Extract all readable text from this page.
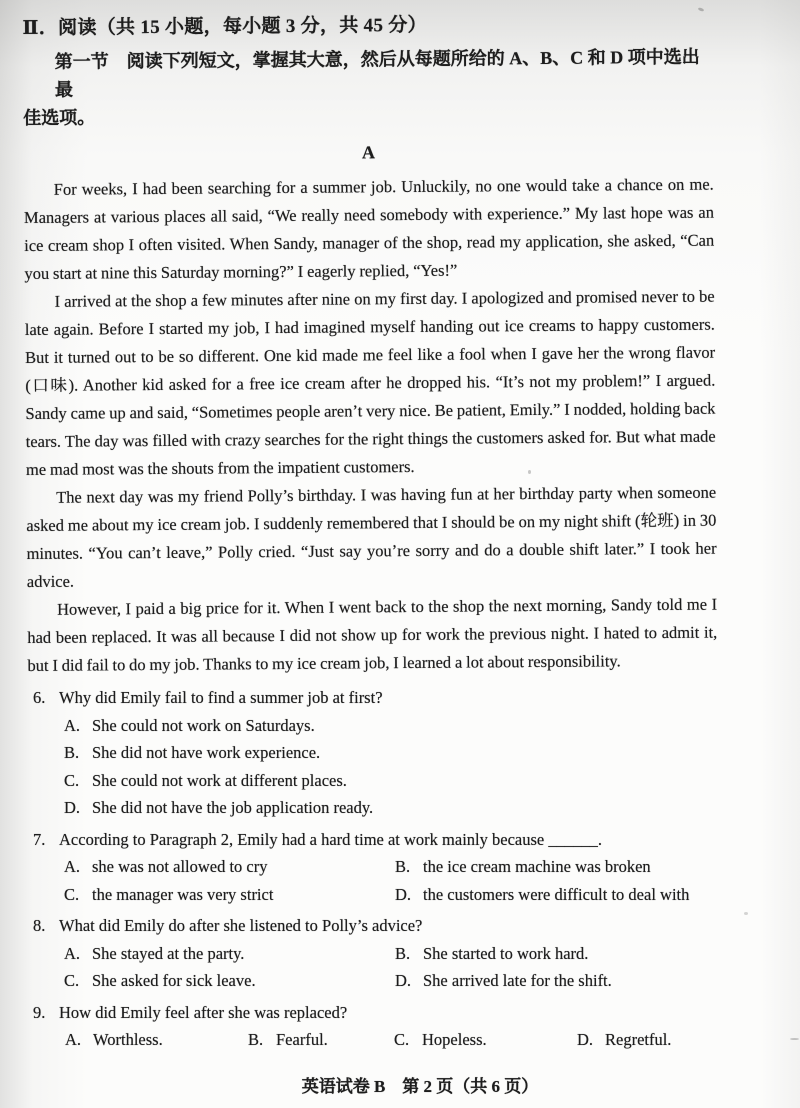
Ⅱ．阅读（共 15 小题，每小题 3 分，共 45 分）
第一节　阅读下列短文，掌握其大意，然后从每题所给的 A、B、C 和 D 项中选出最
佳选项。
A

For weeks, I had been searching for a summer job. Unluckily, no one would take a chance on me. Managers at various places all said, “We really need somebody with experience.” My last hope was an ice cream shop I often visited. When Sandy, manager of the shop, read my application, she asked, “Can you start at nine this Saturday morning?” I eagerly replied, “Yes!”

I arrived at the shop a few minutes after nine on my first day. I apologized and promised never to be late again. Before I started my job, I had imagined myself handing out ice creams to happy customers. But it turned out to be so different. One kid made me feel like a fool when I gave her the wrong flavor (口味). Another kid asked for a free ice cream after he dropped his. “It’s not my problem!” I argued. Sandy came up and said, “Sometimes people aren’t very nice. Be patient, Emily.” I nodded, holding back tears. The day was filled with crazy searches for the right things the customers asked for. But what made me mad most was the shouts from the impatient customers.

The next day was my friend Polly’s birthday. I was having fun at her birthday party when someone asked me about my ice cream job. I suddenly remembered that I should be on my night shift (轮班) in 30 minutes. “You can’t leave,” Polly cried. “Just say you’re sorry and do a double shift later.” I took her advice.

However, I paid a big price for it. When I went back to the shop the next morning, Sandy told me I had been replaced. It was all because I did not show up for work the previous night. I hated to admit it, but I did fail to do my job. Thanks to my ice cream job, I learned a lot about responsibility.

6. Why did Emily fail to find a summer job at first?
A. She could not work on Saturdays.
B. She did not have work experience.
C. She could not work at different places.
D. She did not have the job application ready.
7. According to Paragraph 2, Emily had a hard time at work mainly because ______.
A. she was not allowed to cry	B. the ice cream machine was broken
C. the manager was very strict	D. the customers were difficult to deal with
8. What did Emily do after she listened to Polly’s advice?
A. She stayed at the party.	B. She started to work hard.
C. She asked for sick leave.	D. She arrived late for the shift.
9. How did Emily feel after she was replaced?
A. Worthless.	B. Fearful.	C. Hopeless.	D. Regretful.
英语试卷 B　第 2 页（共 6 页）
